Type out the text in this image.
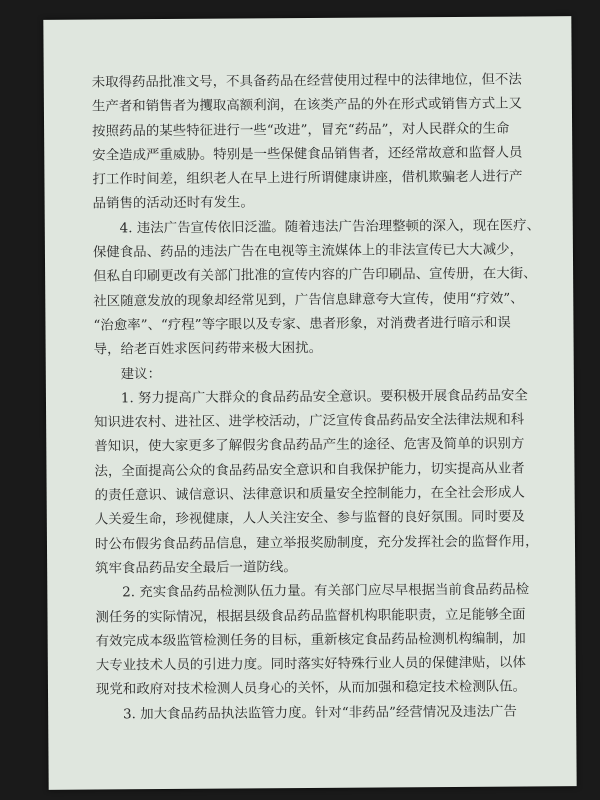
未取得药品批准文号，不具备药品在经营使用过程中的法律地位，但不法
生产者和销售者为攫取高额利润，在该类产品的外在形式或销售方式上又
按照药品的某些特征进行一些“改进”，冒充“药品”，对人民群众的生命
安全造成严重威胁。特别是一些保健食品销售者，还经常故意和监督人员
打工作时间差，组织老人在早上进行所谓健康讲座，借机欺骗老人进行产
品销售的活动还时有发生。
　　4. 违法广告宣传依旧泛滥。随着违法广告治理整顿的深入，现在医疗、
保健食品、药品的违法广告在电视等主流媒体上的非法宣传已大大减少，
但私自印刷更改有关部门批准的宣传内容的广告印刷品、宣传册，在大街、
社区随意发放的现象却经常见到，广告信息肆意夸大宣传，使用“疗效”、
“治愈率”、“疗程”等字眼以及专家、患者形象，对消费者进行暗示和误
导，给老百姓求医问药带来极大困扰。
　　建议：
　　1. 努力提高广大群众的食品药品安全意识。要积极开展食品药品安全
知识进农村、进社区、进学校活动，广泛宣传食品药品安全法律法规和科
普知识，使大家更多了解假劣食品药品产生的途径、危害及简单的识别方
法，全面提高公众的食品药品安全意识和自我保护能力，切实提高从业者
的责任意识、诚信意识、法律意识和质量安全控制能力，在全社会形成人
人关爱生命，珍视健康，人人关注安全、参与监督的良好氛围。同时要及
时公布假劣食品药品信息，建立举报奖励制度，充分发挥社会的监督作用，
筑牢食品药品安全最后一道防线。
　　2. 充实食品药品检测队伍力量。有关部门应尽早根据当前食品药品检
测任务的实际情况，根据县级食品药品监督机构职能职责，立足能够全面
有效完成本级监管检测任务的目标，重新核定食品药品检测机构编制，加
大专业技术人员的引进力度。同时落实好特殊行业人员的保健津贴，以体
现党和政府对技术检测人员身心的关怀，从而加强和稳定技术检测队伍。
　　3. 加大食品药品执法监管力度。针对“非药品”经营情况及违法广告
